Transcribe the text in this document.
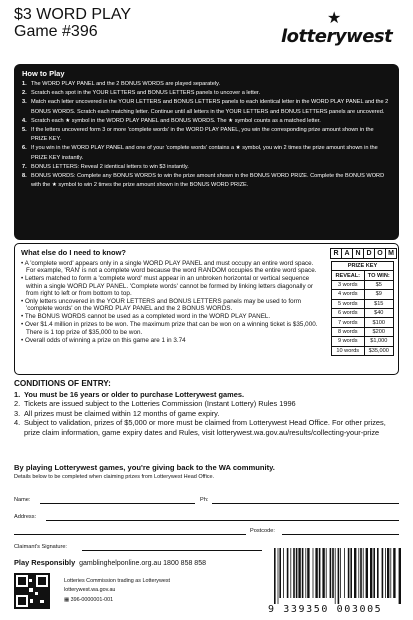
$3 WORD PLAY
Game #396
★
lotterywest
How to Play
1. The WORD PLAY PANEL and the 2 BONUS WORDS are played separately.
2. Scratch each spot in the YOUR LETTERS and BONUS LETTERS panels to uncover a letter.
3. Match each letter uncovered in the YOUR LETTERS and BONUS LETTERS panels to each identical letter in the WORD PLAY PANEL and the 2 BONUS WORDS. Scratch each matching letter. Continue until all letters in the YOUR LETTERS and BONUS LETTERS panels are uncovered.
4. Scratch each ★ symbol in the WORD PLAY PANEL and BONUS WORDS. The ★ symbol counts as a matched letter.
5. If the letters uncovered form 3 or more 'complete words' in the WORD PLAY PANEL, you win the corresponding prize amount shown in the PRIZE KEY.
6. If you win in the WORD PLAY PANEL and one of your 'complete words' contains a ★ symbol, you win 2 times the prize amount shown in the PRIZE KEY instantly.
7. BONUS LETTERS: Reveal 2 identical letters to win $3 instantly.
8. BONUS WORDS: Complete any BONUS WORDS to win the prize amount shown in the BONUS WORD PRIZE. Complete the BONUS WORD with the ★ symbol to win 2 times the prize amount shown in the BONUS WORD PRIZE.
What else do I need to know?
• A 'complete word' appears only in a single WORD PLAY PANEL and must occupy an entire word space. For example, 'RAN' is not a complete word because the word RANDOM occupies the entire word space.
• Letters matched to form a 'complete word' must appear in an unbroken horizontal or vertical sequence within a single WORD PLAY PANEL. 'Complete words' cannot be formed by linking letters diagonally or from right to left or from bottom to top.
• Only letters uncovered in the YOUR LETTERS and BONUS LETTERS panels may be used to form 'complete words' on the WORD PLAY PANEL and the 2 BONUS WORDS.
• The BONUS WORDS cannot be used as a completed word in the WORD PLAY PANEL.
• Over $1.4 million in prizes to be won. The maximum prize that can be won on a winning ticket is $35,000. There is 1 top prize of $35,000 to be won.
• Overall odds of winning a prize on this game are 1 in 3.74
R A N D O M
PRIZE KEY	
REVEAL:	TO WIN:
3 words	$5
4 words	$9
5 words	$15
6 words	$40
7 words	$100
8 words	$200
9 words	$1,000
10 words	$35,000
CONDITIONS OF ENTRY:
1. You must be 16 years or older to purchase Lotterywest games.
2. Tickets are issued subject to the Lotteries Commission (Instant Lottery) Rules 1996
3. All prizes must be claimed within 12 months of game expiry.
4. Subject to validation, prizes of $5,000 or more must be claimed from Lotterywest Head Office. For other prizes, prize claim information, game expiry dates and Rules, visit lotterywest.wa.gov.au/results/collecting-your-prize
By playing Lotterywest games, you're giving back to the WA community.
Details below to be completed when claiming prizes from Lotterywest Head Office.
Name:	Ph:
Address:
Postcode:
Claimant's Signature:
Play Responsibly gamblinghelponline.org.au 1800 858 858
Lotteries Commission trading as Lotterywest
lotterywest.wa.gov.au
▦ 396-0000001-001
9 339350 003005
